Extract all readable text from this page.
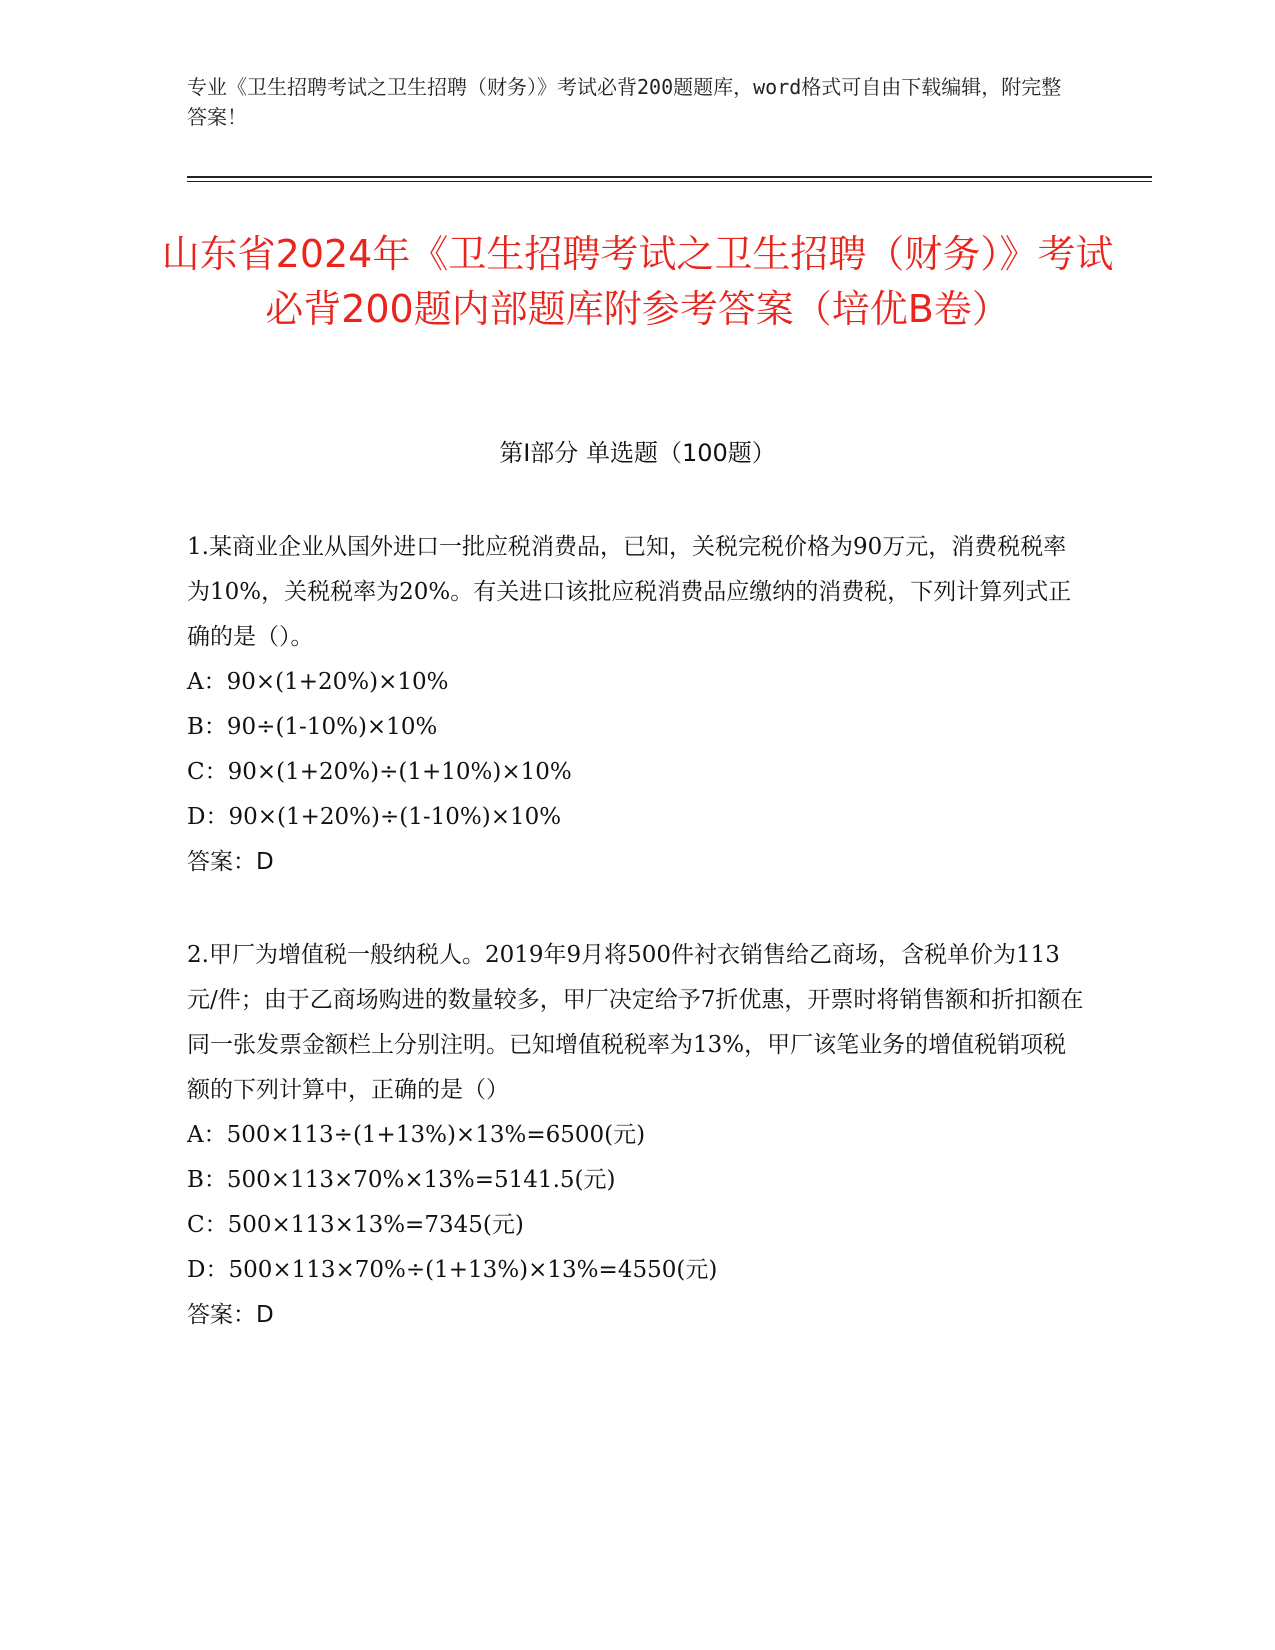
专业《卫生招聘考试之卫生招聘（财务）》考试必背200题题库，word格式可自由下载编辑，附完整答案！
山东省2024年《卫生招聘考试之卫生招聘（财务）》考试必背200题内部题库附参考答案（培优B卷）
第Ⅰ部分 单选题（100题）

1.某商业企业从国外进口一批应税消费品，已知，关税完税价格为90万元，消费税税率为10%，关税税率为20%。有关进口该批应税消费品应缴纳的消费税，下列计算列式正确的是（）。

A：90×(1+20%)×10%

B：90÷(1-10%)×10%

C：90×(1+20%)÷(1+10%)×10%

D：90×(1+20%)÷(1-10%)×10%

答案：D

2.甲厂为增值税一般纳税人。2019年9月将500件衬衣销售给乙商场，含税单价为113元/件；由于乙商场购进的数量较多，甲厂决定给予7折优惠，开票时将销售额和折扣额在同一张发票金额栏上分别注明。已知增值税税率为13%，甲厂该笔业务的增值税销项税额的下列计算中，正确的是（）

A：500×113÷(1+13%)×13%=6500(元)

B：500×113×70%×13%=5141.5(元)

C：500×113×13%=7345(元)

D：500×113×70%÷(1+13%)×13%=4550(元)

答案：D
